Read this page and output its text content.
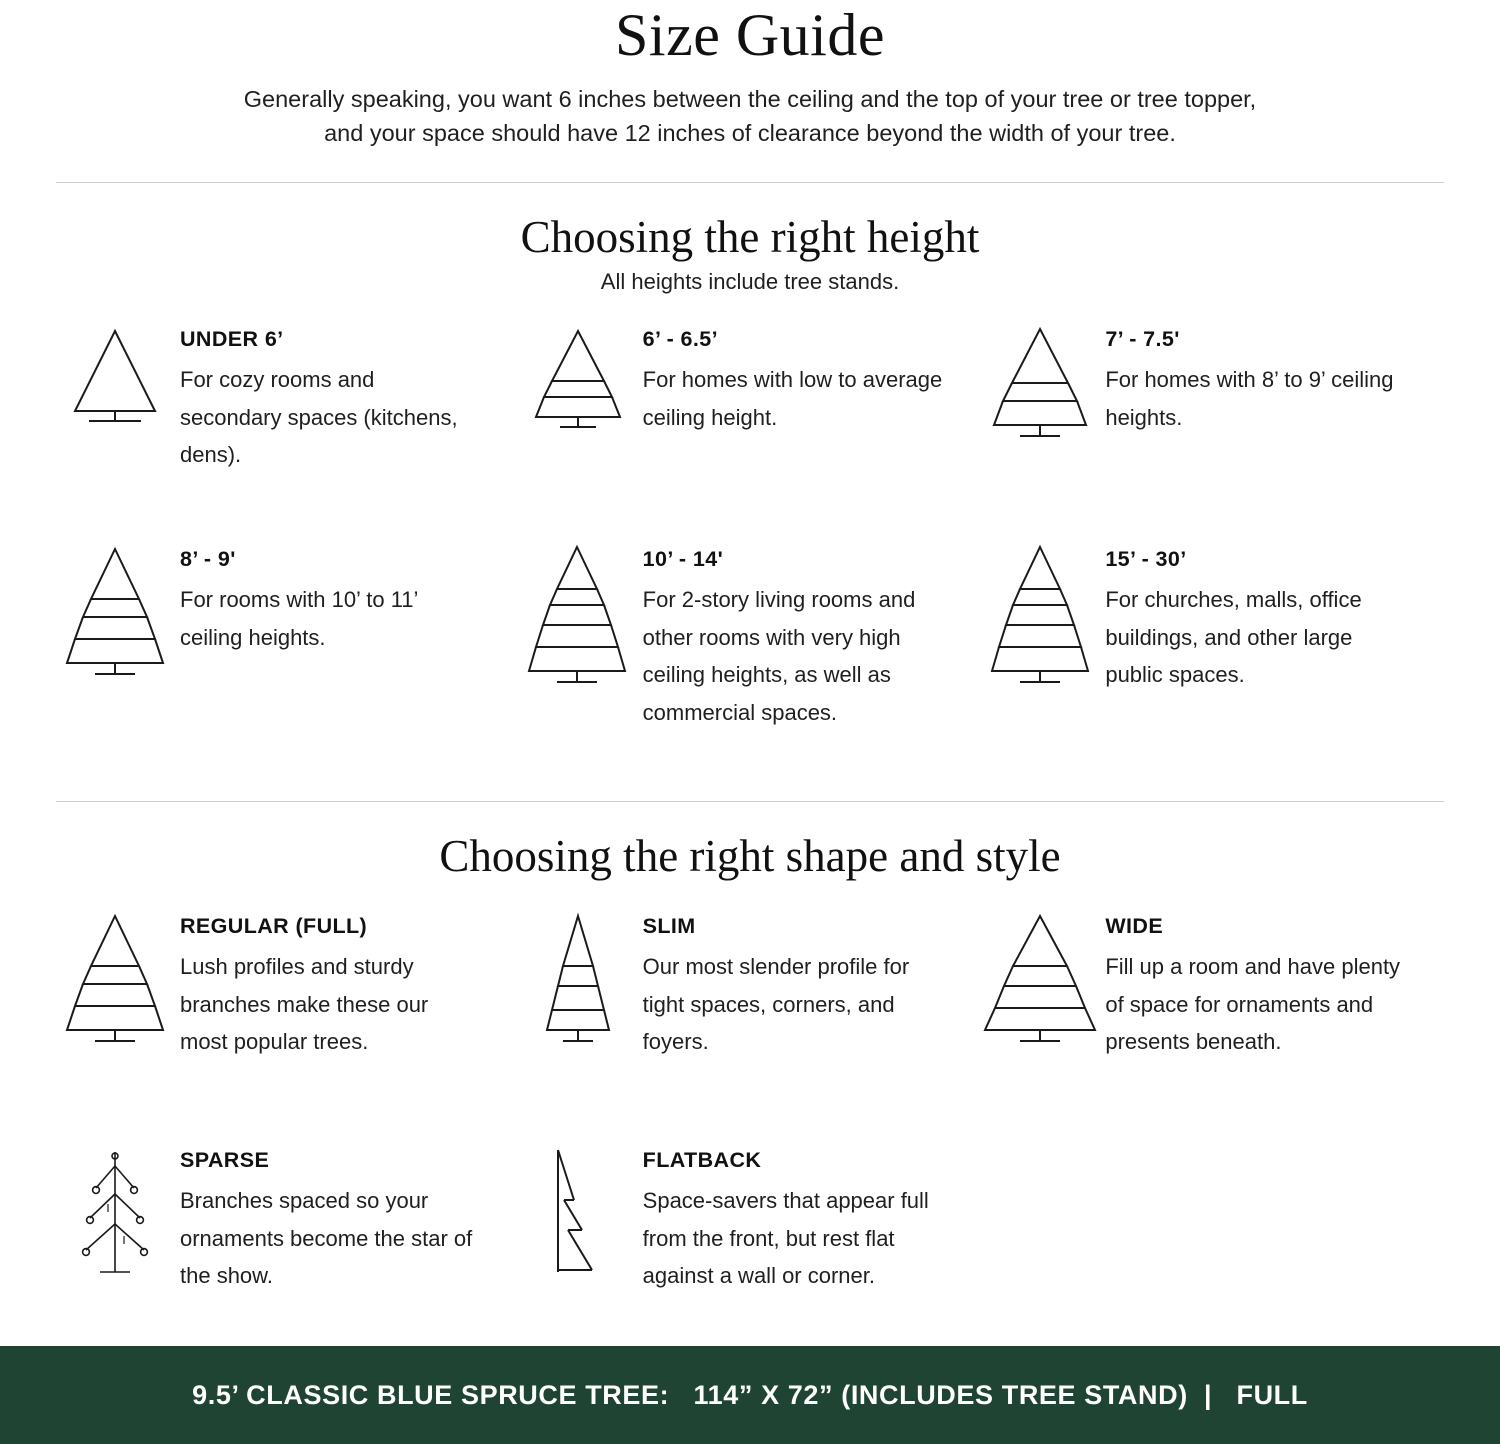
Size Guide

Generally speaking, you want 6 inches between the ceiling and the top of your tree or tree topper, and your space should have 12 inches of clearance beyond the width of your tree.

Choosing the right height
All heights include tree stands.
UNDER 6’
For cozy rooms and secondary spaces (kitchens, dens).
6’ - 6.5’
For homes with low to average ceiling height.
7’ - 7.5'
For homes with 8’ to 9’ ceiling heights.
8’ - 9'
For rooms with 10’ to 11’ ceiling heights.
10’ - 14'
For 2-story living rooms and other rooms with very high ceiling heights, as well as commercial spaces.
15’ - 30’
For churches, malls, office buildings, and other large public spaces.
Choosing the right shape and style
REGULAR (FULL)
Lush profiles and sturdy branches make these our most popular trees.
SLIM
Our most slender profile for tight spaces, corners, and foyers.
WIDE
Fill up a room and have plenty of space for ornaments and presents beneath.
SPARSE
Branches spaced so your ornaments become the star of the show.
FLATBACK
Space-savers that appear full from the front, but rest flat against a wall or corner.
9.5’ CLASSIC BLUE SPRUCE TREE:   114” X 72” (INCLUDES TREE STAND)  |   FULL
